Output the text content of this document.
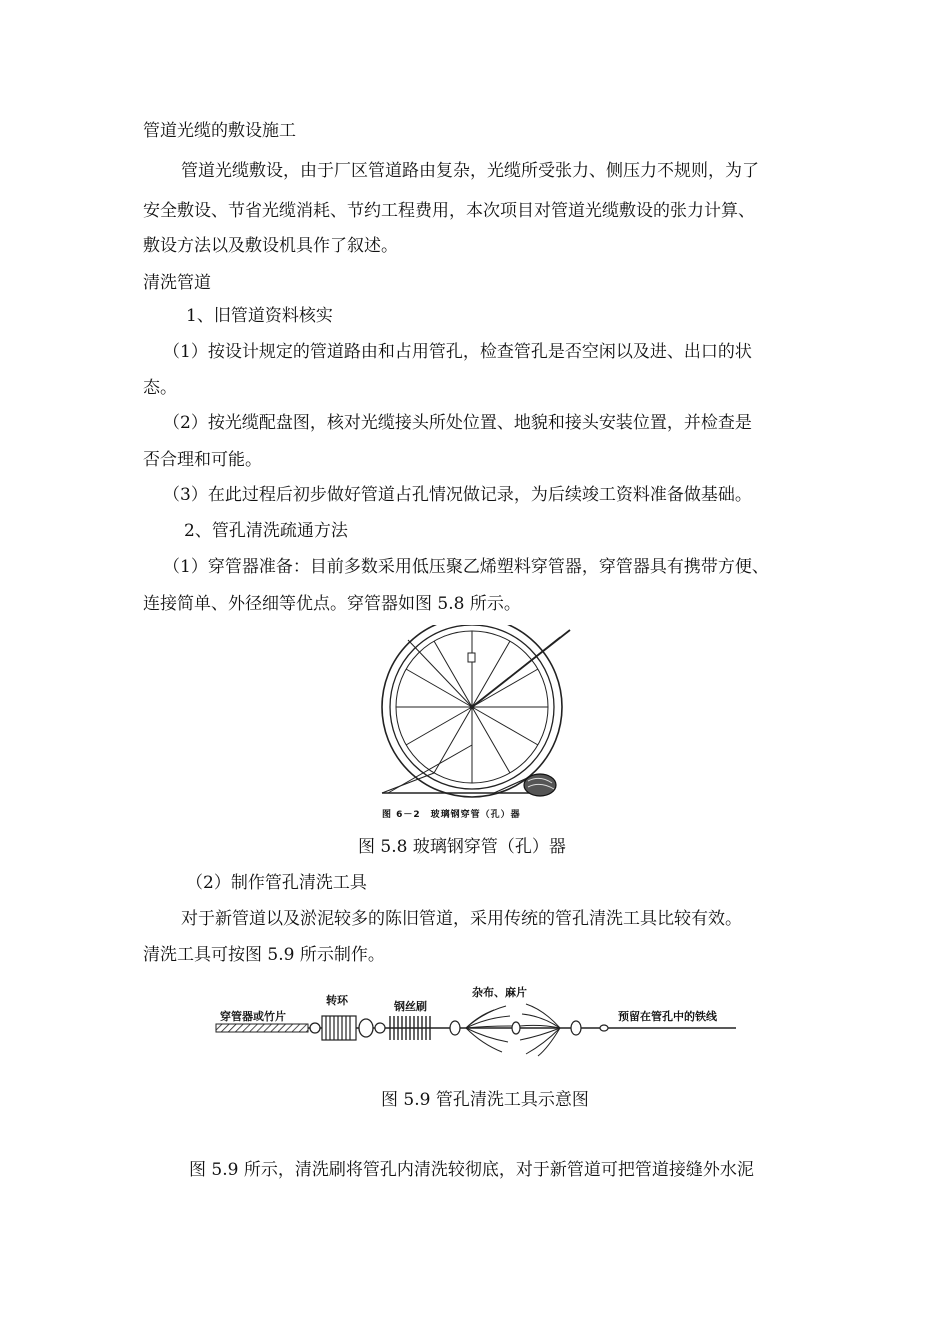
管道光缆的敷设施工
管道光缆敷设，由于厂区管道路由复杂，光缆所受张力、侧压力不规则，为了
安全敷设、节省光缆消耗、节约工程费用，本次项目对管道光缆敷设的张力计算、
敷设方法以及敷设机具作了叙述。
清洗管道
1、旧管道资料核实
（1）按设计规定的管道路由和占用管孔，检查管孔是否空闲以及进、出口的状
态。
（2）按光缆配盘图，核对光缆接头所处位置、地貌和接头安装位置，并检查是
否合理和可能。
（3）在此过程后初步做好管道占孔情况做记录，为后续竣工资料准备做基础。
2、管孔清洗疏通方法
（1）穿管器准备：目前多数采用低压聚乙烯塑料穿管器，穿管器具有携带方便、
连接简单、外径细等优点。穿管器如图 5.8 所示。
图 6－2　玻璃钢穿管（孔）器
图 5.8 玻璃钢穿管（孔）器
（2）制作管孔清洗工具
对于新管道以及淤泥较多的陈旧管道，采用传统的管孔清洗工具比较有效。
清洗工具可按图 5.9 所示制作。
穿管器或竹片
转环	钢丝刷
杂布、麻片
预留在管孔中的铁线
图 5.9 管孔清洗工具示意图
图 5.9 所示，清洗刷将管孔内清洗较彻底，对于新管道可把管道接缝外水泥
